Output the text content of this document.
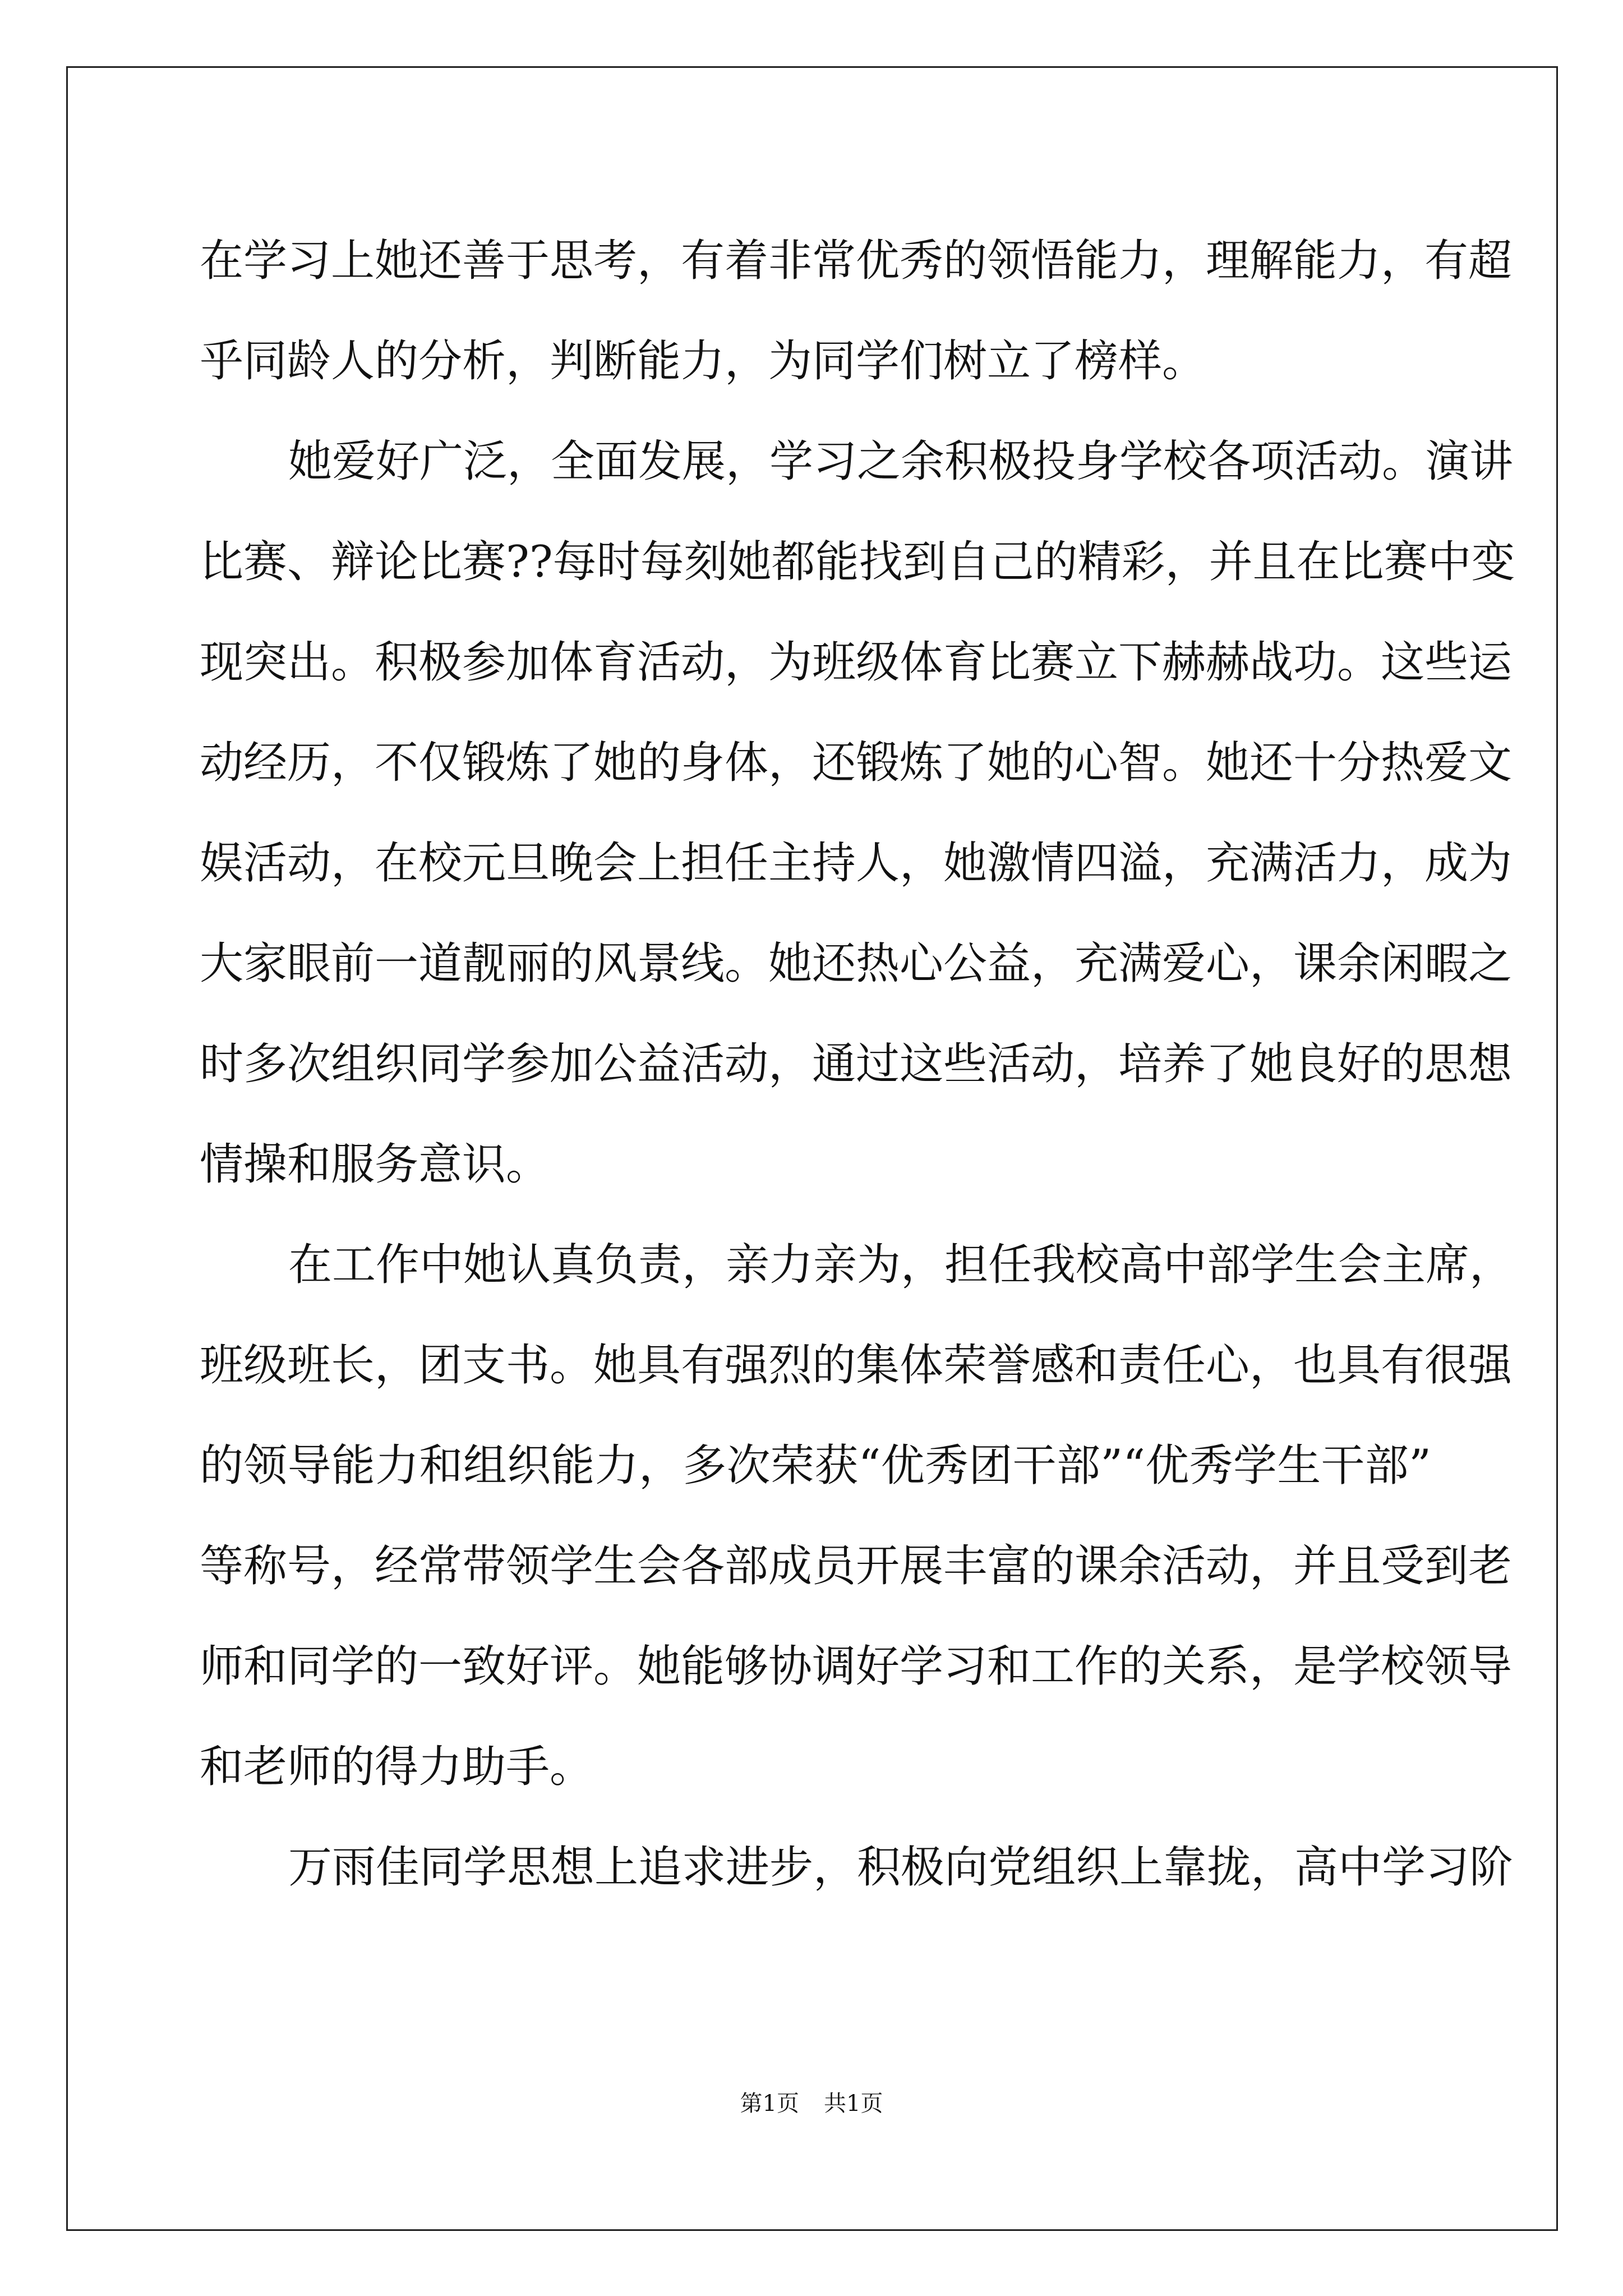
在学习上她还善于思考，有着非常优秀的领悟能力，理解能力，有超
乎同龄人的分析，判断能力，为同学们树立了榜样。
她爱好广泛，全面发展，学习之余积极投身学校各项活动。演讲
比赛、辩论比赛??每时每刻她都能找到自己的精彩，并且在比赛中变
现突出。积极参加体育活动，为班级体育比赛立下赫赫战功。这些运
动经历，不仅锻炼了她的身体，还锻炼了她的心智。她还十分热爱文
娱活动，在校元旦晚会上担任主持人，她激情四溢，充满活力，成为
大家眼前一道靓丽的风景线。她还热心公益，充满爱心，课余闲暇之
时多次组织同学参加公益活动，通过这些活动，培养了她良好的思想
情操和服务意识。
在工作中她认真负责，亲力亲为，担任我校高中部学生会主席，
班级班长，团支书。她具有强烈的集体荣誉感和责任心，也具有很强
的领导能力和组织能力，多次荣获“优秀团干部”“优秀学生干部”
等称号，经常带领学生会各部成员开展丰富的课余活动，并且受到老
师和同学的一致好评。她能够协调好学习和工作的关系，是学校领导
和老师的得力助手。
万雨佳同学思想上追求进步，积极向党组织上靠拢，高中学习阶
第1页 共1页
